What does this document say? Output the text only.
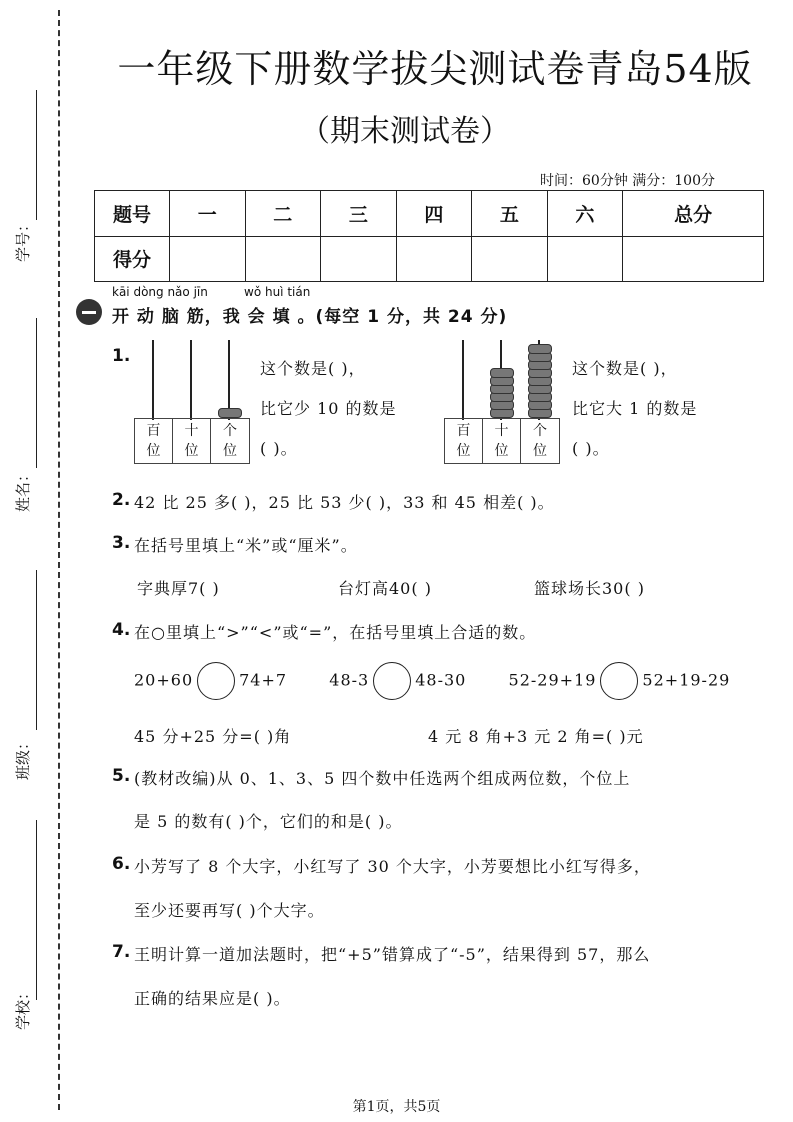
学号：
姓名：
班级：
学校：
一年级下册数学拔尖测试卷青岛54版
（期末测试卷）
时间：60分钟 满分：100分
题号	一	二	三	四	五	六	总分
得分							
kāi dòng nǎo jīn	wǒ huì tián
开 动 脑 筋，我 会 填 。(每空 1 分，共 24 分)
1.
百
位
十
位
个
位
这个数是( )，
比它少 10 的数是
( )。
百
位
十
位
个
位
这个数是( )，
比它大 1 的数是
( )。
2. 42 比 25 多( )，25 比 53 少( )，33 和 45 相差( )。
3. 在括号里填上“米”或“厘米”。
字典厚7( )	台灯高40( )	篮球场长30( )
4. 在○里填上“>”“<”或“=”，在括号里填上合适的数。
20+60	74+7	48-3	48-30	52-29+19	52+19-29
45 分+25 分=( )角	4 元 8 角+3 元 2 角=( )元
5. (教材改编)从 0、1、3、5 四个数中任选两个组成两位数，个位上
是 5 的数有( )个，它们的和是( )。
6. 小芳写了 8 个大字，小红写了 30 个大字，小芳要想比小红写得多，
至少还要再写( )个大字。
7. 王明计算一道加法题时，把“+5”错算成了“-5”，结果得到 57，那么
正确的结果应是( )。
第1页，共5页
